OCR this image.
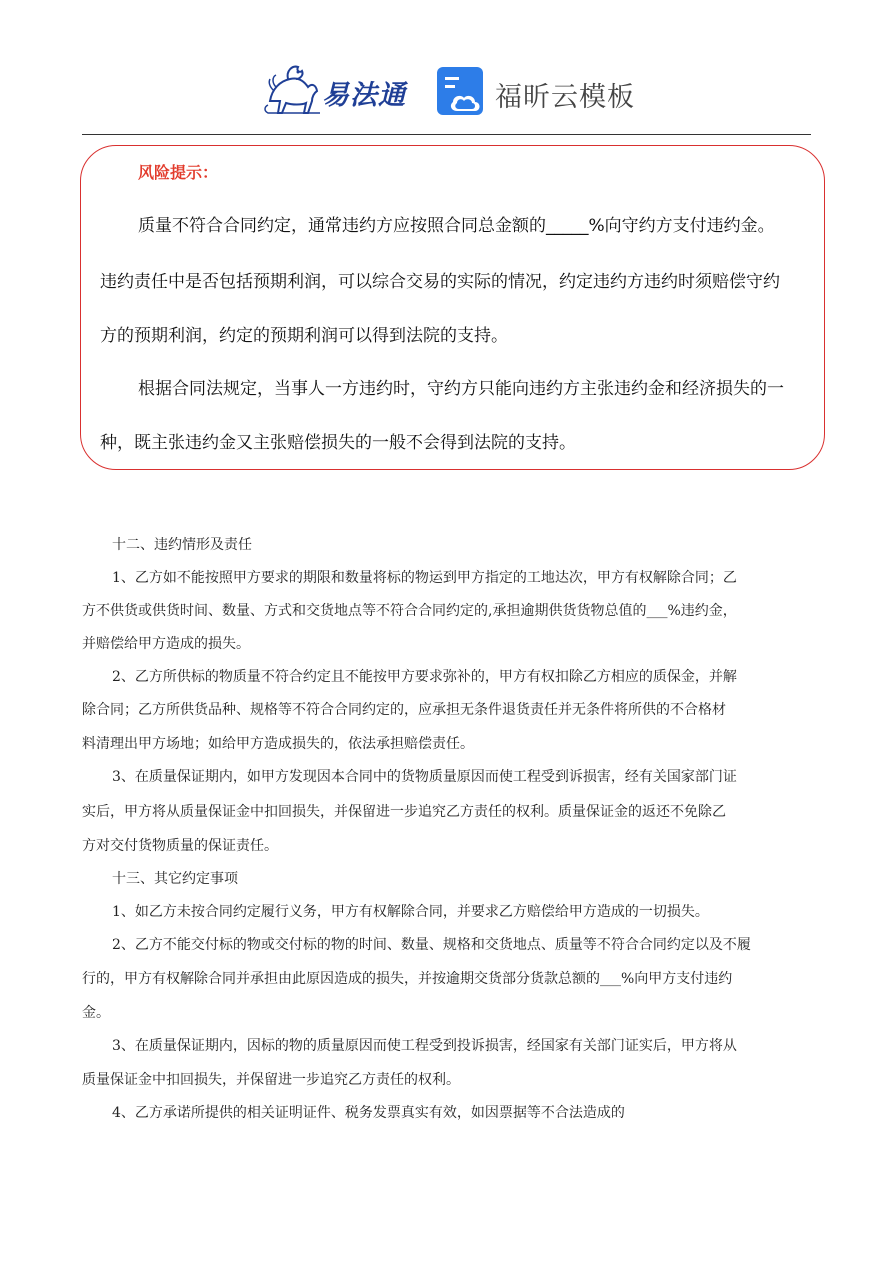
易法通	福昕云模板
风险提示：
质量不符合合同约定，通常违约方应按照合同总金额的_____%向守约方支付违约金。
违约责任中是否包括预期利润，可以综合交易的实际的情况，约定违约方违约时须赔偿守约
方的预期利润，约定的预期利润可以得到法院的支持。
根据合同法规定，当事人一方违约时，守约方只能向违约方主张违约金和经济损失的一
种，既主张违约金又主张赔偿损失的一般不会得到法院的支持。
十二、违约情形及责任
1、乙方如不能按照甲方要求的期限和数量将标的物运到甲方指定的工地达次，甲方有权解除合同；乙
方不供货或供货时间、数量、方式和交货地点等不符合合同约定的,承担逾期供货货物总值的___%违约金，
并赔偿给甲方造成的损失。
2、乙方所供标的物质量不符合约定且不能按甲方要求弥补的，甲方有权扣除乙方相应的质保金，并解
除合同；乙方所供货品种、规格等不符合合同约定的，应承担无条件退货责任并无条件将所供的不合格材
料清理出甲方场地；如给甲方造成损失的，依法承担赔偿责任。
3、在质量保证期内，如甲方发现因本合同中的货物质量原因而使工程受到诉损害，经有关国家部门证
实后，甲方将从质量保证金中扣回损失，并保留进一步追究乙方责任的权利。质量保证金的返还不免除乙
方对交付货物质量的保证责任。
十三、其它约定事项
1、如乙方未按合同约定履行义务，甲方有权解除合同，并要求乙方赔偿给甲方造成的一切损失。
2、乙方不能交付标的物或交付标的物的时间、数量、规格和交货地点、质量等不符合合同约定以及不履
行的，甲方有权解除合同并承担由此原因造成的损失，并按逾期交货部分货款总额的___%向甲方支付违约
金。
3、在质量保证期内，因标的物的质量原因而使工程受到投诉损害，经国家有关部门证实后，甲方将从
质量保证金中扣回损失，并保留进一步追究乙方责任的权利。
4、乙方承诺所提供的相关证明证件、税务发票真实有效，如因票据等不合法造成的
